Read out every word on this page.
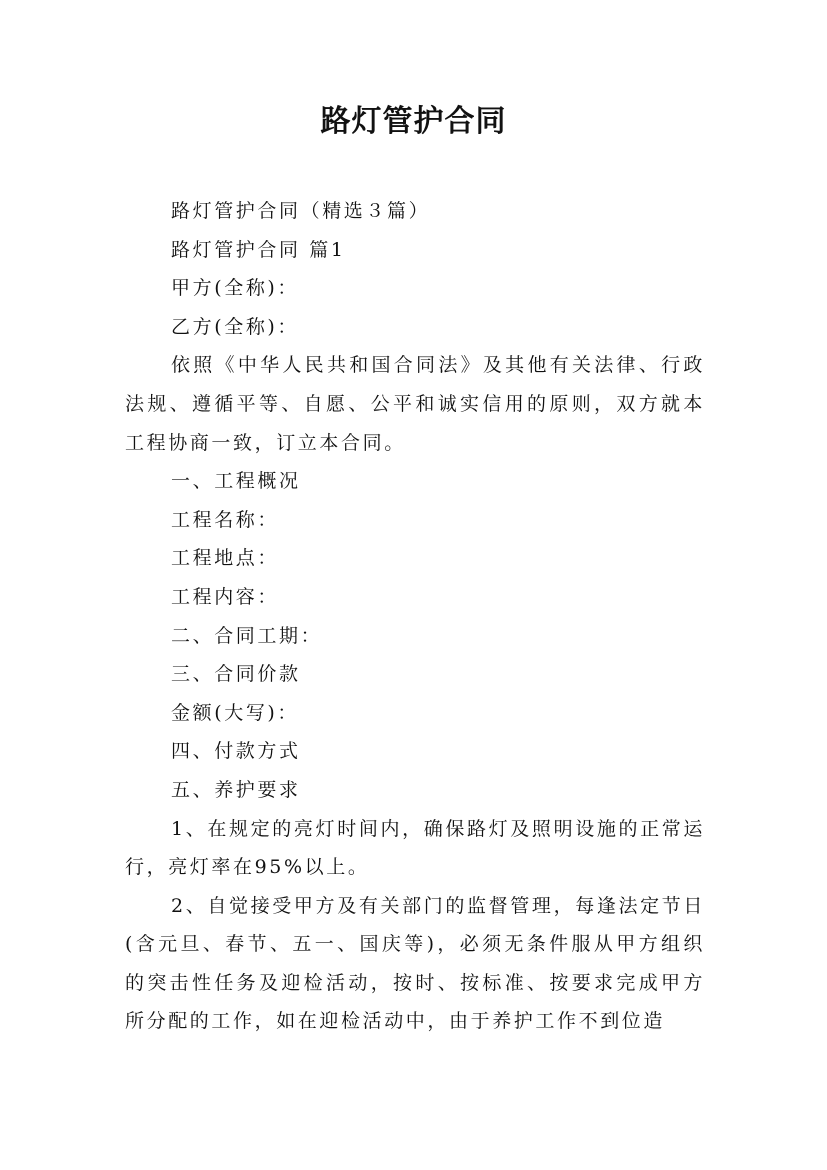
路灯管护合同

路灯管护合同（精选３篇）

路灯管护合同 篇1

甲方(全称)：

乙方(全称)：

依照《中华人民共和国合同法》及其他有关法律、行政法规、遵循平等、自愿、公平和诚实信用的原则，双方就本工程协商一致，订立本合同。

一、工程概况

工程名称：

工程地点：

工程内容：

二、合同工期：

三、合同价款

金额(大写)：

四、付款方式

五、养护要求

1、在规定的亮灯时间内，确保路灯及照明设施的正常运行，亮灯率在95%以上。

2、自觉接受甲方及有关部门的监督管理，每逢法定节日(含元旦、春节、五一、国庆等)，必须无条件服从甲方组织的突击性任务及迎检活动，按时、按标准、按要求完成甲方所分配的工作，如在迎检活动中，由于养护工作不到位造
